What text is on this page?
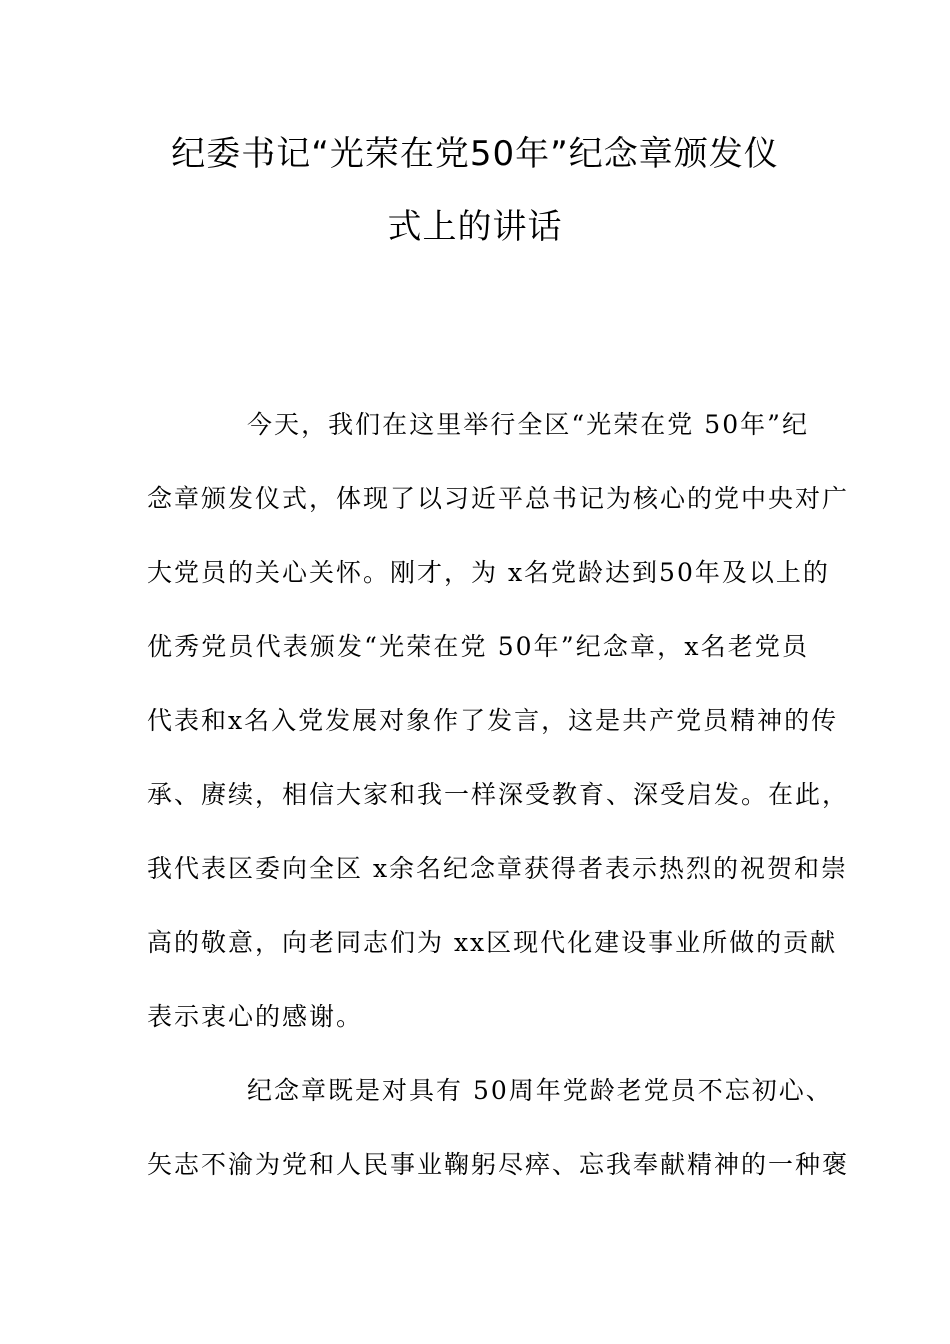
纪委书记“光荣在党50年”纪念章颁发仪
式上的讲话
今天，我们在这里举行全区“光荣在党 50年”纪
念章颁发仪式，体现了以习近平总书记为核心的党中央对广
大党员的关心关怀。刚才，为 x名党龄达到50年及以上的
优秀党员代表颁发“光荣在党 50年”纪念章，x名老党员
代表和x名入党发展对象作了发言，这是共产党员精神的传
承、赓续，相信大家和我一样深受教育、深受启发。在此，
我代表区委向全区 x余名纪念章获得者表示热烈的祝贺和崇
高的敬意，向老同志们为 xx区现代化建设事业所做的贡献
表示衷心的感谢。
纪念章既是对具有 50周年党龄老党员不忘初心、
矢志不渝为党和人民事业鞠躬尽瘁、忘我奉献精神的一种褒
